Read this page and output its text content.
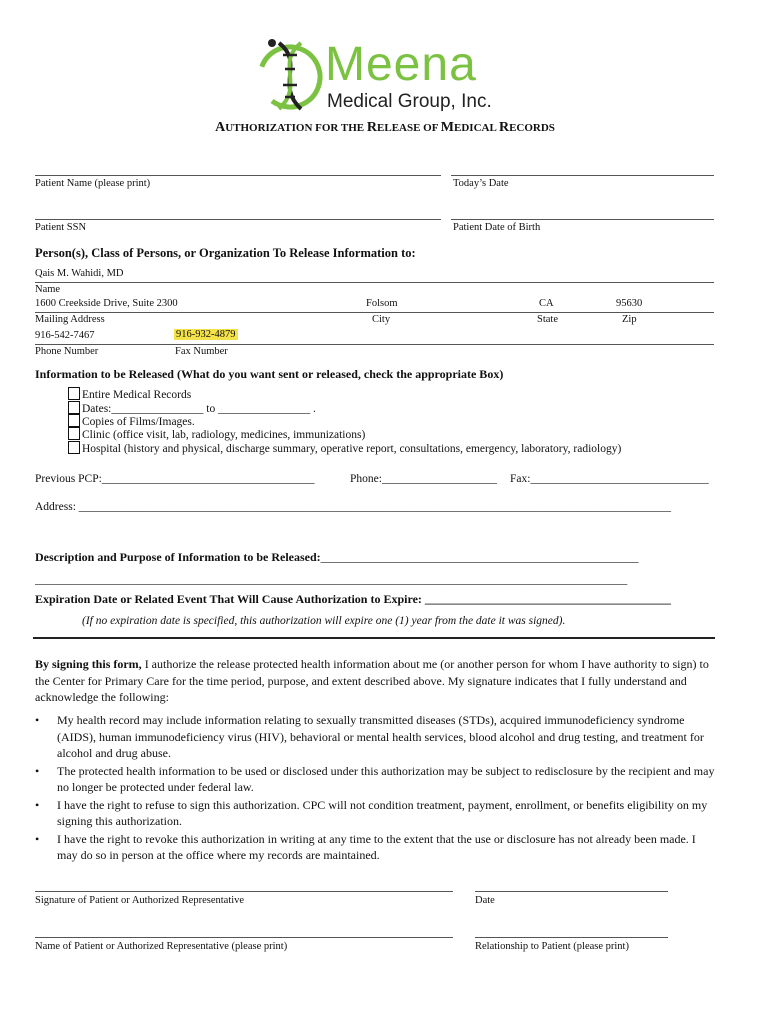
Meena
Medical Group, Inc.
AUTHORIZATION FOR THE RELEASE OF MEDICAL RECORDS
Patient Name (please print)	Today’s Date
Patient SSN	Patient Date of Birth
Person(s), Class of Persons, or Organization To Release Information to:
Qais M. Wahidi, MD
Name
1600 Creekside Drive, Suite 2300	Folsom	CA	95630
Mailing Address	City	State	Zip
916-542-7467	916-932-4879
Phone Number	Fax Number
Information to be Released (What do you want sent or released, check the appropriate Box)
Entire Medical Records
Dates:________________ to ________________ .
Copies of Films/Images.
Clinic (office visit, lab, radiology, medicines, immunizations)
Hospital (history and physical, discharge summary, operative report, consultations, emergency, laboratory, radiology)
Previous PCP:_____________________________________	Phone:____________________ Fax:_______________________________
Address: _______________________________________________________________________________________________________
Description and Purpose of Information to be Released:_____________________________________________________
_______________________________________________________________________________________________________
Expiration Date or Related Event That Will Cause Authorization to Expire: _________________________________________
(If no expiration date is specified, this authorization will expire one (1) year from the date it was signed).
By signing this form, I authorize the release protected health information about me (or another person for whom I have authority to sign) to the Center for Primary Care for the time period, purpose, and extent described above. My signature indicates that I fully understand and acknowledge the following:
• My health record may include information relating to sexually transmitted diseases (STDs), acquired immunodeficiency syndrome (AIDS), human immunodeficiency virus (HIV), behavioral or mental health services, blood alcohol and drug testing, and treatment for alcohol and drug abuse.
• The protected health information to be used or disclosed under this authorization may be subject to redisclosure by the recipient and may no longer be protected under federal law.
• I have the right to refuse to sign this authorization. CPC will not condition treatment, payment, enrollment, or benefits eligibility on my signing this authorization.
• I have the right to revoke this authorization in writing at any time to the extent that the use or disclosure has not already been made. I may do so in person at the office where my records are maintained.
Signature of Patient or Authorized Representative	Date
Name of Patient or Authorized Representative (please print)	Relationship to Patient (please print)
